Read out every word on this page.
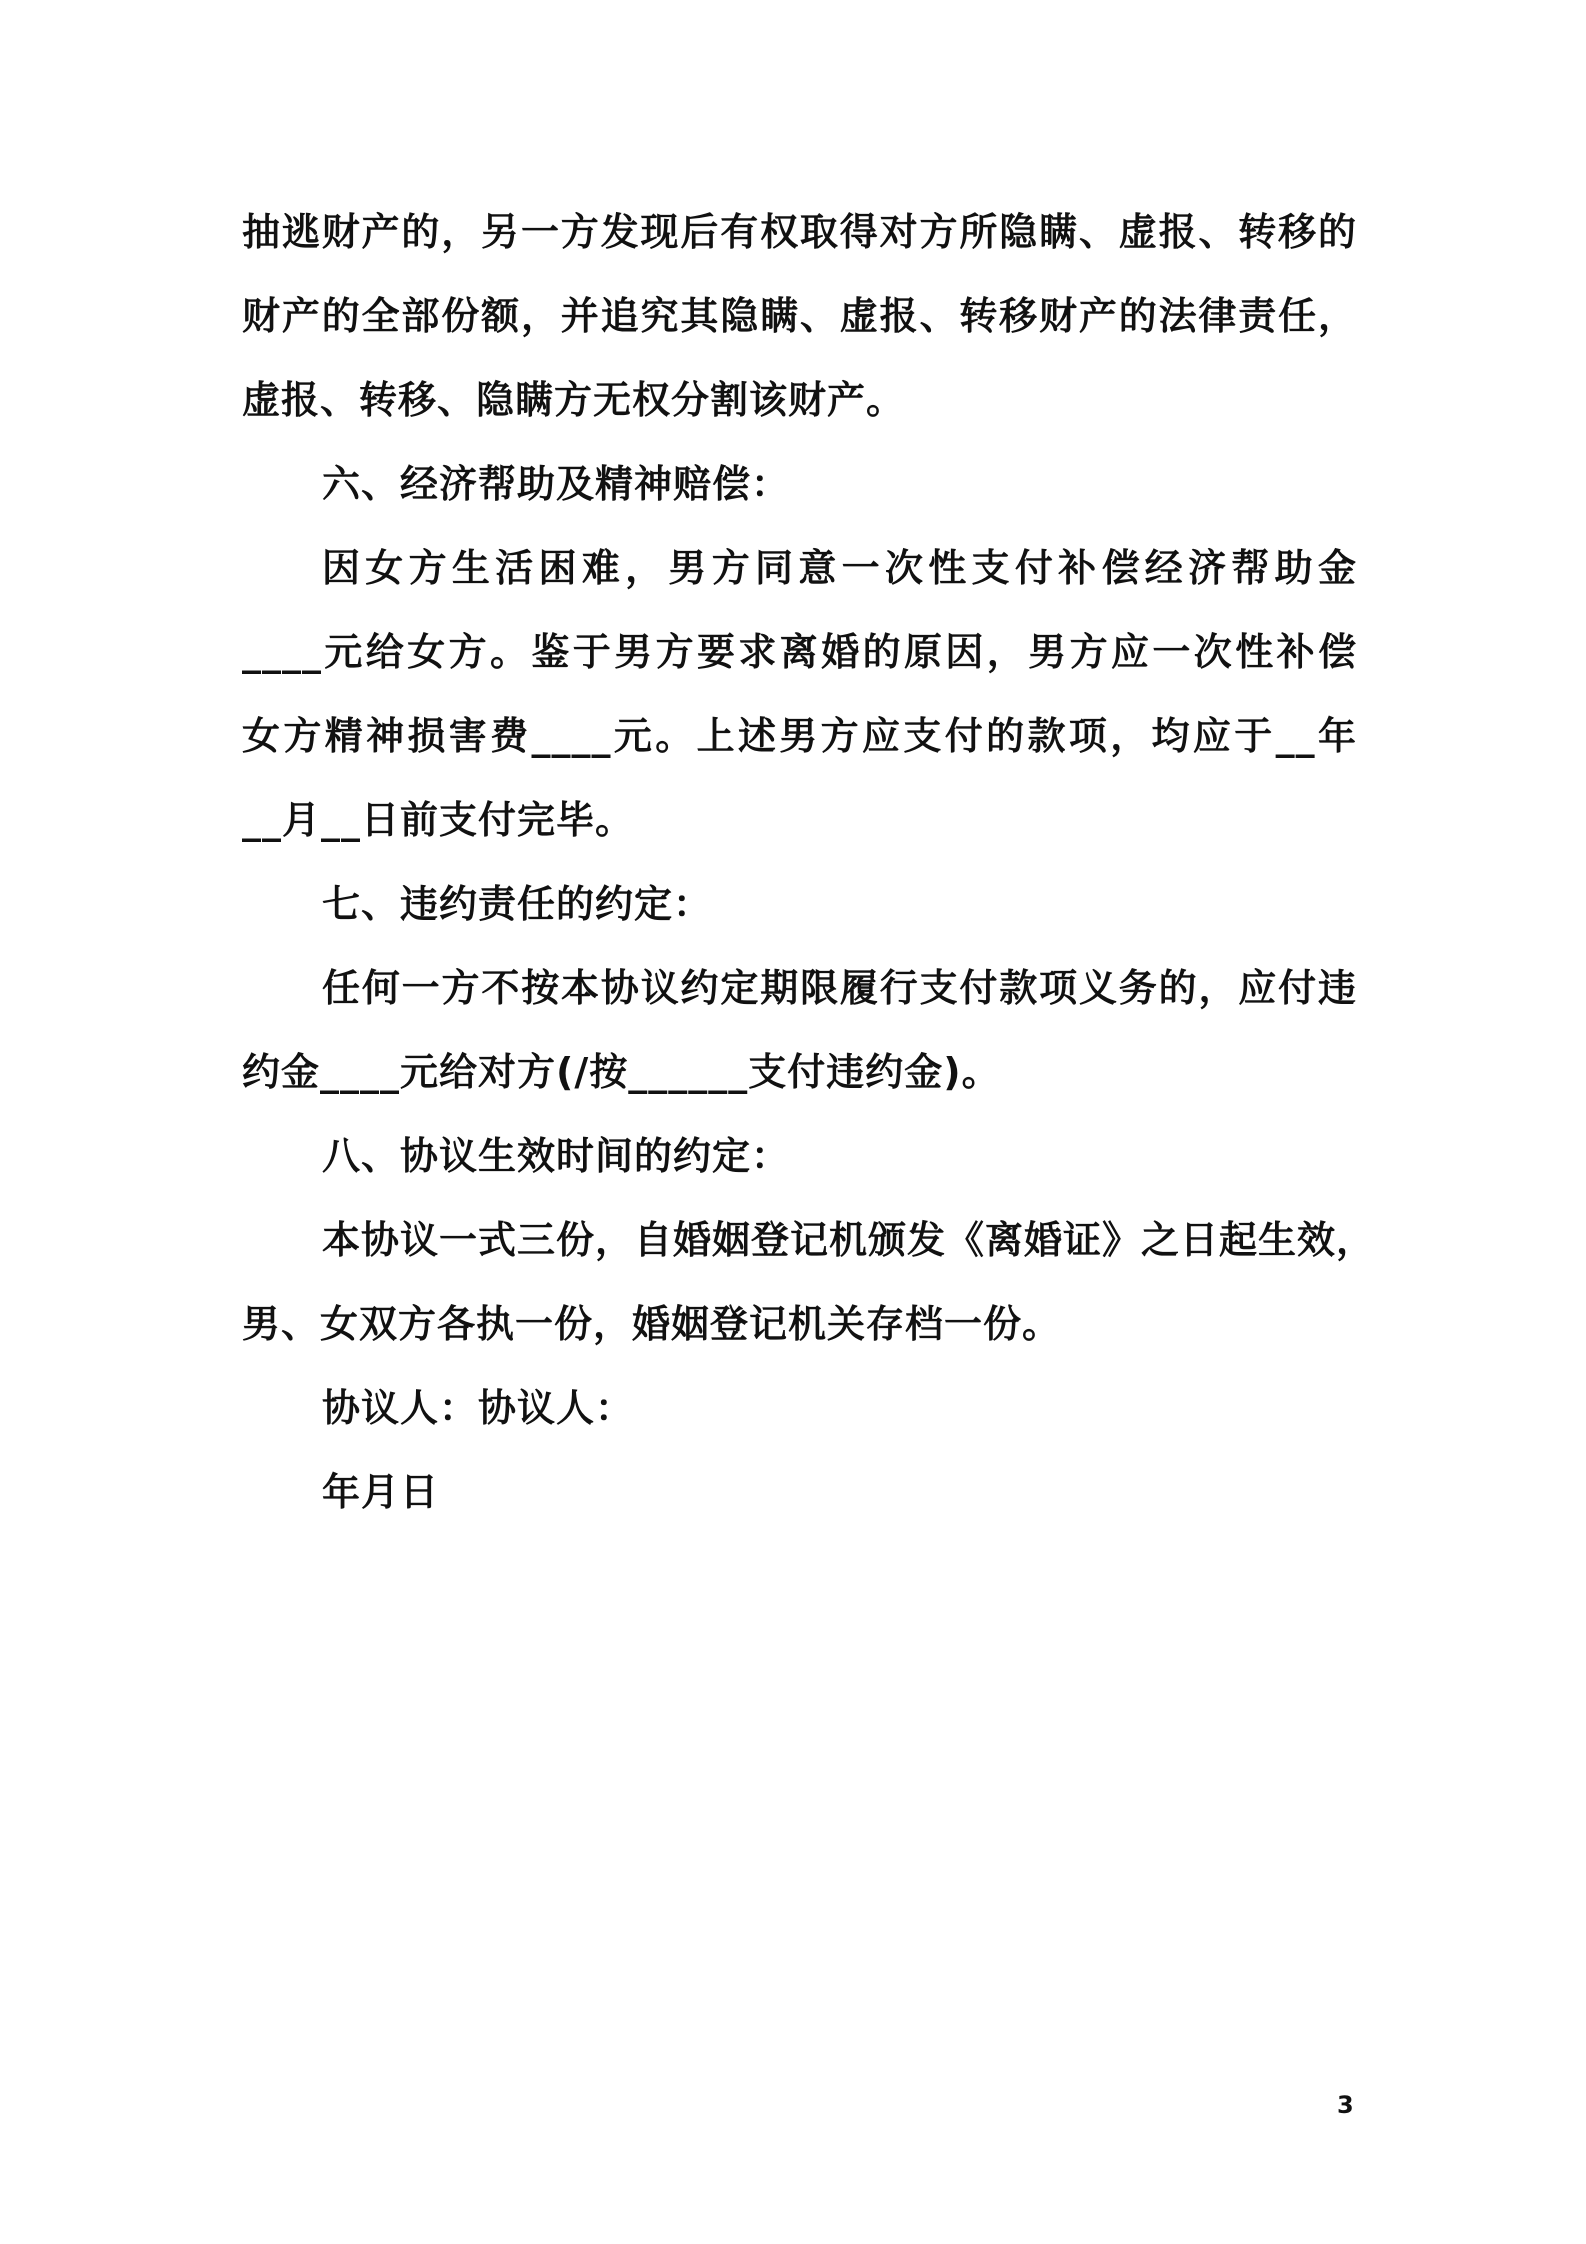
抽逃财产的，另一方发现后有权取得对方所隐瞒、虚报、转移的
财产的全部份额，并追究其隐瞒、虚报、转移财产的法律责任，
虚报、转移、隐瞒方无权分割该财产。
六、经济帮助及精神赔偿：
因女方生活困难，男方同意一次性支付补偿经济帮助金
____元给女方。鉴于男方要求离婚的原因，男方应一次性补偿
女方精神损害费____元。上述男方应支付的款项，均应于__年
__月__日前支付完毕。
七、违约责任的约定：
任何一方不按本协议约定期限履行支付款项义务的，应付违
约金____元给对方(/按______支付违约金)。
八、协议生效时间的约定：
本协议一式三份，自婚姻登记机颁发《离婚证》之日起生效，
男、女双方各执一份，婚姻登记机关存档一份。
协议人：协议人：
年月日
3
